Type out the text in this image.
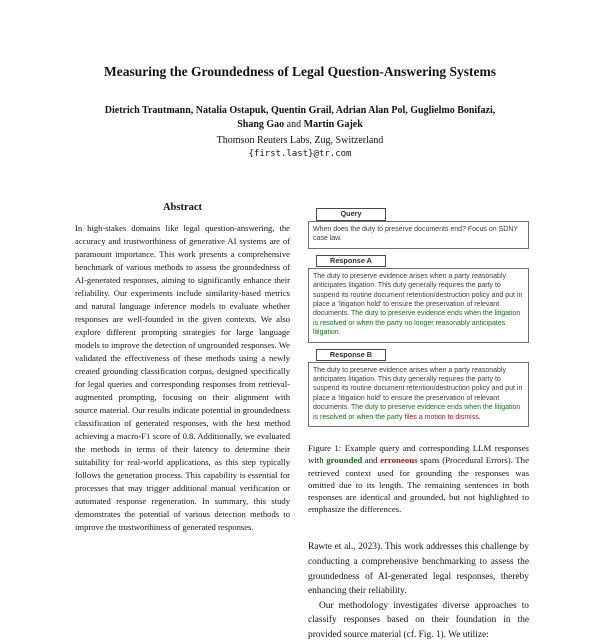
Measuring the Groundedness of Legal Question-Answering Systems
Dietrich Trautmann, Natalia Ostapuk, Quentin Grail, Adrian Alan Pol, Guglielmo Bonifazi,
Shang Gao and Martin Gajek
Thomson Reuters Labs, Zug, Switzerland
{first.last}@tr.com
Abstract
In high-stakes domains like legal question-answering, the accuracy and trustworthiness of generative AI systems are of paramount importance. This work presents a comprehensive benchmark of various methods to assess the groundedness of AI-generated responses, aiming to significantly enhance their reliability. Our experiments include similarity-based metrics and natural language inference models to evaluate whether responses are well-founded in the given contexts. We also explore different prompting strategies for large language models to improve the detection of ungrounded responses. We validated the effectiveness of these methods using a newly created grounding classification corpus, designed specifically for legal queries and corresponding responses from retrieval-augmented prompting, focusing on their alignment with source material. Our results indicate potential in groundedness classification of generated responses, with the best method achieving a macro-F1 score of 0.8. Additionally, we evaluated the methods in terms of their latency to determine their suitability for real-world applications, as this step typically follows the generation process. This capability is essential for processes that may trigger additional manual verification or automated response regeneration. In summary, this study demonstrates the potential of various detection methods to improve the trustworthiness of generated responses.
Query
When does the duty to preserve documents end? Focus on SDNY case law.
Response A
The duty to preserve evidence arises when a party reasonably anticipates litigation. This duty generally requires the party to suspend its routine document retention/destruction policy and put in place a ‘litigation hold’ to ensure the preservation of relevant documents. The duty to preserve evidence ends when the litigation is resolved or when the party no longer reasonably anticipates litigation.
Response B
The duty to preserve evidence arises when a party reasonably anticipates litigation. This duty generally requires the party to suspend its routine document retention/destruction policy and put in place a ‘litigation hold’ to ensure the preservation of relevant documents. The duty to preserve evidence ends when the litigation is resolved or when the party files a motion to dismiss.
Figure 1: Example query and corresponding LLM responses with grounded and erroneous spans (Procedural Errors). The retrieved context used for grounding the responses was omitted due to its length. The remaining sentences in both responses are identical and grounded, but not highlighted to emphasize the differences.
Rawte et al., 2023). This work addresses this challenge by conducting a comprehensive benchmarking to assess the groundedness of AI-generated legal responses, thereby enhancing their reliability.
Our methodology investigates diverse approaches to classify responses based on their foundation in the provided source material (cf. Fig. 1). We utilize:
